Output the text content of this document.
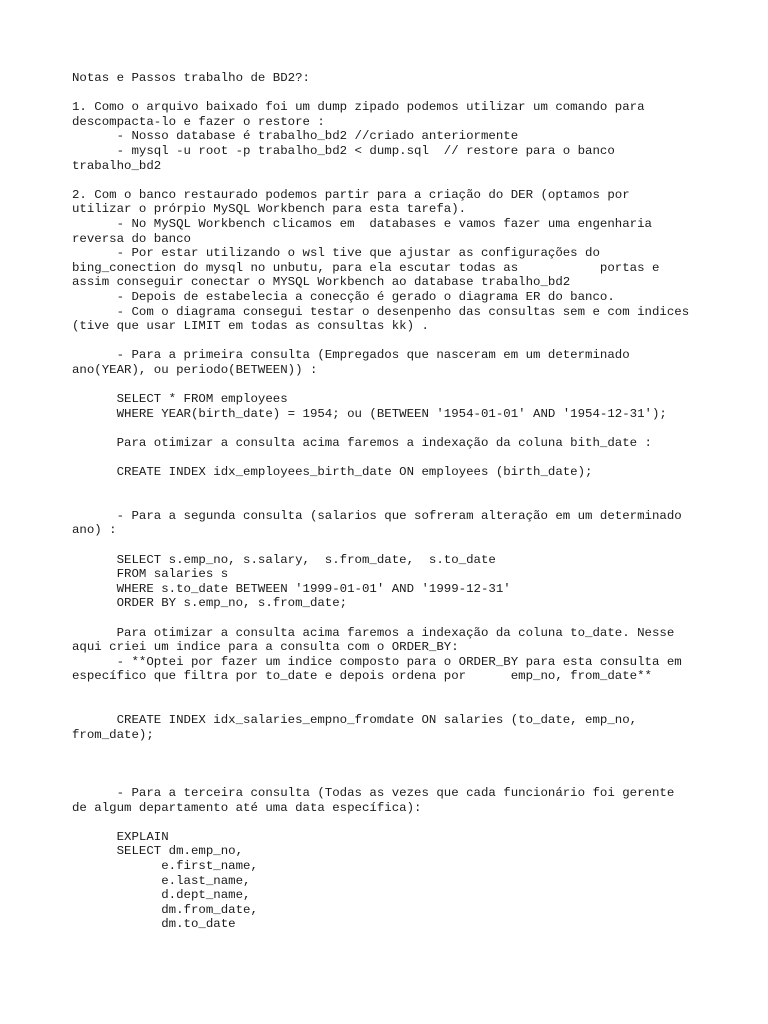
Notas e Passos trabalho de BD2?:
1. Como o arquivo baixado foi um dump zipado podemos utilizar um comando para
descompacta-lo e fazer o restore :
- Nosso database é trabalho_bd2 //criado anteriormente
- mysql -u root -p trabalho_bd2 < dump.sql  // restore para o banco
trabalho_bd2
2. Com o banco restaurado podemos partir para a criação do DER (optamos por
utilizar o prórpio MySQL Workbench para esta tarefa).
- No MySQL Workbench clicamos em  databases e vamos fazer uma engenharia
reversa do banco
- Por estar utilizando o wsl tive que ajustar as configurações do
bing_conection do mysql no unbutu, para ela escutar todas as           portas e
assim conseguir conectar o MYSQL Workbench ao database trabalho_bd2
- Depois de estabelecia a conecção é gerado o diagrama ER do banco.
- Com o diagrama consegui testar o desenpenho das consultas sem e com indices
(tive que usar LIMIT em todas as consultas kk) .
- Para a primeira consulta (Empregados que nasceram em um determinado
ano(YEAR), ou periodo(BETWEEN)) :
SELECT * FROM employees
WHERE YEAR(birth_date) = 1954; ou (BETWEEN '1954-01-01' AND '1954-12-31');
Para otimizar a consulta acima faremos a indexação da coluna bith_date :
CREATE INDEX idx_employees_birth_date ON employees (birth_date);
- Para a segunda consulta (salarios que sofreram alteração em um determinado
ano) :
SELECT s.emp_no, s.salary,  s.from_date,  s.to_date
FROM salaries s
WHERE s.to_date BETWEEN '1999-01-01' AND '1999-12-31'
ORDER BY s.emp_no, s.from_date;
Para otimizar a consulta acima faremos a indexação da coluna to_date. Nesse
aqui criei um indice para a consulta com o ORDER_BY:
- **Optei por fazer um indice composto para o ORDER_BY para esta consulta em
específico que filtra por to_date e depois ordena por      emp_no, from_date**
CREATE INDEX idx_salaries_empno_fromdate ON salaries (to_date, emp_no,
from_date);
- Para a terceira consulta (Todas as vezes que cada funcionário foi gerente
de algum departamento até uma data específica):
EXPLAIN
SELECT dm.emp_no,
e.first_name,
e.last_name,
d.dept_name,
dm.from_date,
dm.to_date
